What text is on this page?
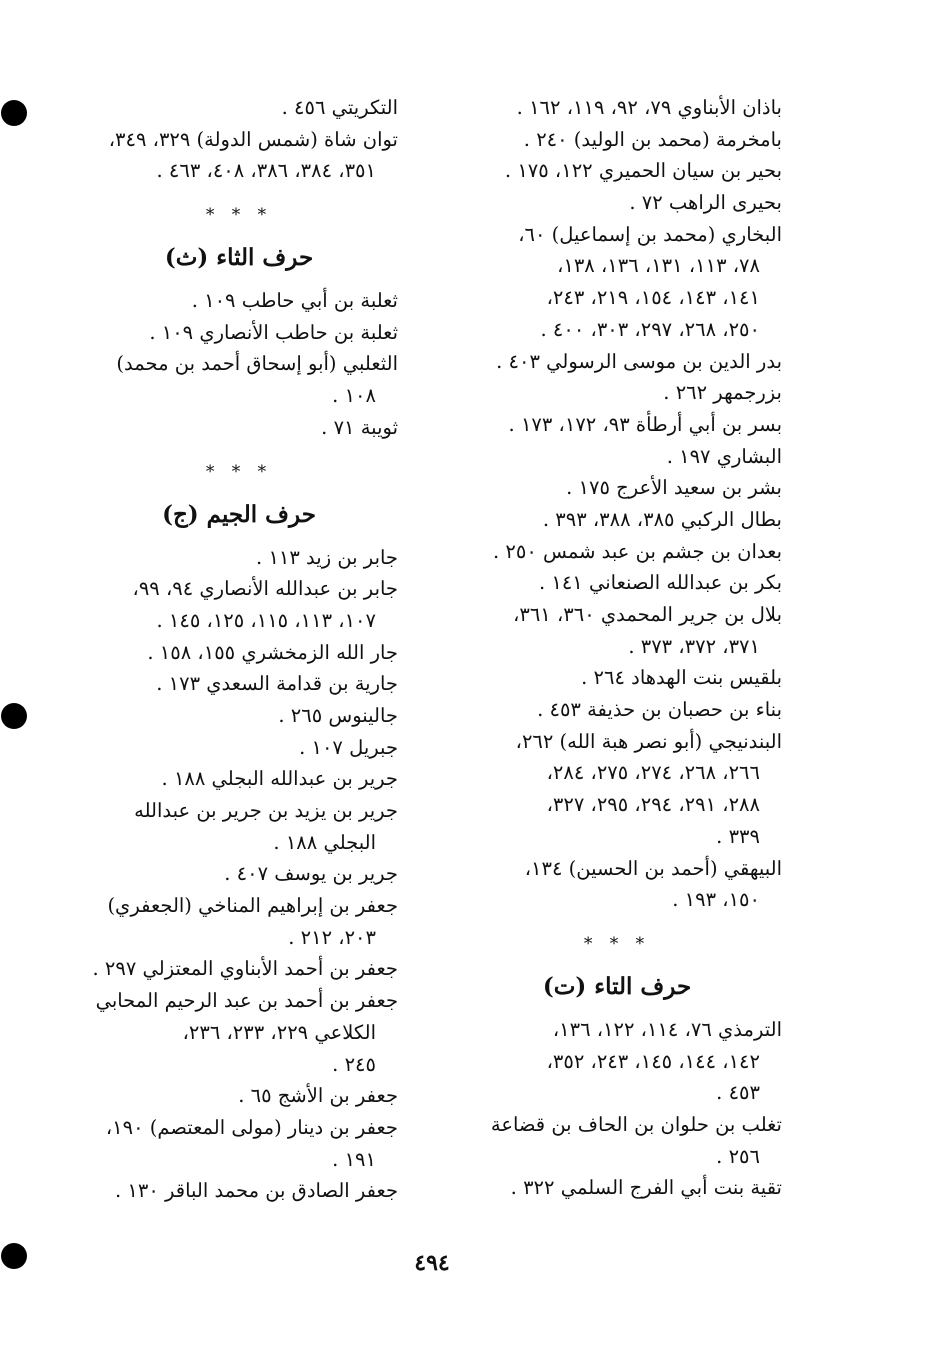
باذان الأبناوي ٧٩، ٩٢، ١١٩، ١٦٢ .
بامخرمة (محمد بن الوليد) ٢٤٠ .
بحير بن سيان الحميري ١٢٢، ١٧٥ .
بحيرى الراهب ٧٢ .
البخاري (محمد بن إسماعيل) ٦٠،
٧٨، ١١٣، ١٣١، ١٣٦، ١٣٨،
١٤١، ١٤٣، ١٥٤، ٢١٩، ٢٤٣،
٢٥٠، ٢٦٨، ٢٩٧، ٣٠٣، ٤٠٠ .
بدر الدين بن موسى الرسولي ٤٠٣ .
بزرجمهر ٢٦٢ .
بسر بن أبي أرطأة ٩٣، ١٧٢، ١٧٣ .
البشاري ١٩٧ .
بشر بن سعيد الأعرج ١٧٥ .
بطال الركبي ٣٨٥، ٣٨٨، ٣٩٣ .
بعدان بن جشم بن عبد شمس ٢٥٠ .
بكر بن عبدالله الصنعاني ١٤١ .
بلال بن جرير المحمدي ٣٦٠، ٣٦١،
٣٧١، ٣٧٢، ٣٧٣ .
بلقيس بنت الهدهاد ٢٦٤ .
بناء بن حصبان بن حذيفة ٤٥٣ .
البندنيجي (أبو نصر هبة الله) ٢٦٢،
٢٦٦، ٢٦٨، ٢٧٤، ٢٧٥، ٢٨٤،
٢٨٨، ٢٩١، ٢٩٤، ٢٩٥، ٣٢٧،
٣٣٩ .
البيهقي (أحمد بن الحسين) ١٣٤،
١٥٠، ١٩٣ .
* * *
حرف التاء (ت)
الترمذي ٧٦، ١١٤، ١٢٢، ١٣٦،
١٤٢، ١٤٤، ١٤٥، ٢٤٣، ٣٥٢،
٤٥٣ .
تغلب بن حلوان بن الحاف بن قضاعة
٢٥٦ .
تقية بنت أبي الفرج السلمي ٣٢٢ .
التكريتي ٤٥٦ .
توان شاة (شمس الدولة) ٣٢٩، ٣٤٩،
٣٥١، ٣٨٤، ٣٨٦، ٤٠٨، ٤٦٣ .
* * *
حرف الثاء (ث)
ثعلبة بن أبي حاطب ١٠٩ .
ثعلبة بن حاطب الأنصاري ١٠٩ .
الثعلبي (أبو إسحاق أحمد بن محمد)
١٠٨ .
ثويبة ٧١ .
* * *
حرف الجيم (ج)
جابر بن زيد ١١٣ .
جابر بن عبدالله الأنصاري ٩٤، ٩٩،
١٠٧، ١١٣، ١١٥، ١٢٥، ١٤٥ .
جار الله الزمخشري ١٥٥، ١٥٨ .
جارية بن قدامة السعدي ١٧٣ .
جالينوس ٢٦٥ .
جبريل ١٠٧ .
جرير بن عبدالله البجلي ١٨٨ .
جرير بن يزيد بن جرير بن عبدالله
البجلي ١٨٨ .
جرير بن يوسف ٤٠٧ .
جعفر بن إبراهيم المناخي (الجعفري)
٢٠٣، ٢١٢ .
جعفر بن أحمد الأبناوي المعتزلي ٢٩٧ .
جعفر بن أحمد بن عبد الرحيم المحابي
الكلاعي ٢٢٩، ٢٣٣، ٢٣٦،
٢٤٥ .
جعفر بن الأشج ٦٥ .
جعفر بن دينار (مولى المعتصم) ١٩٠،
١٩١ .
جعفر الصادق بن محمد الباقر ١٣٠ .
٤٩٤
